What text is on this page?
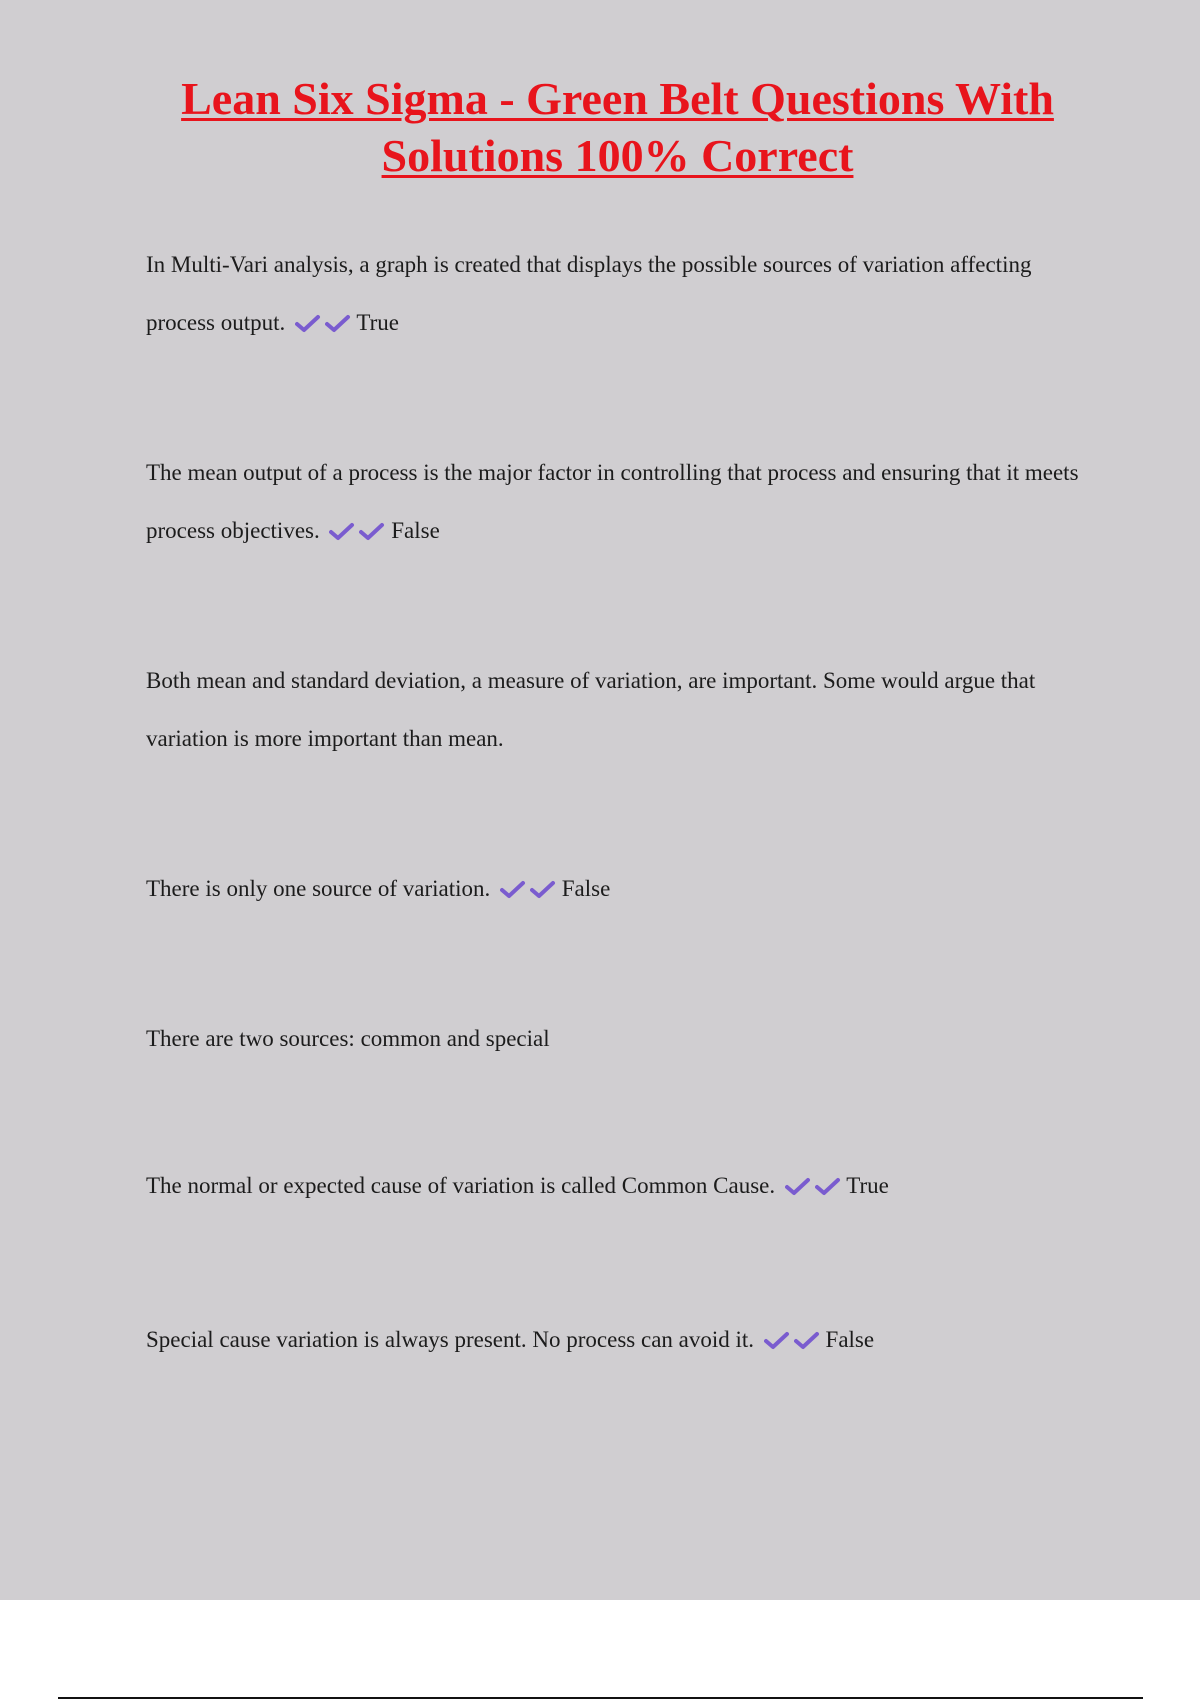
Lean Six Sigma - Green Belt Questions With Solutions 100% Correct

In Multi-Vari analysis, a graph is created that displays the possible sources of variation affecting process output.	True

The mean output of a process is the major factor in controlling that process and ensuring that it meets process objectives.	False

Both mean and standard deviation, a measure of variation, are important. Some would argue that variation is more important than mean.

There is only one source of variation.	False

There are two sources: common and special

The normal or expected cause of variation is called Common Cause.	True

Special cause variation is always present. No process can avoid it.	False
